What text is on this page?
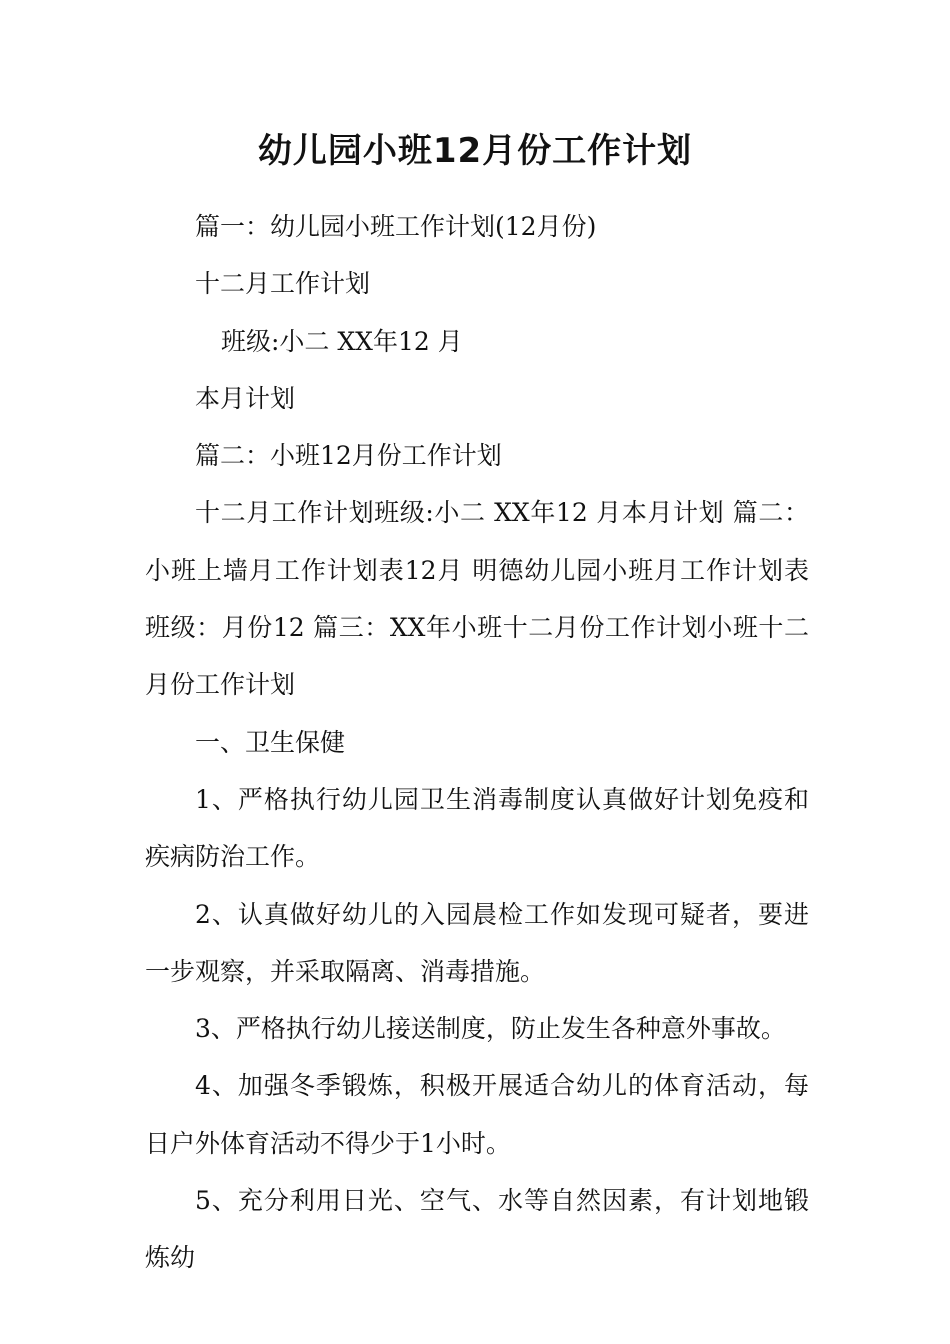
幼儿园小班12月份工作计划

篇一：幼儿园小班工作计划(12月份)

十二月工作计划

班级:小二 XX年12 月

本月计划

篇二：小班12月份工作计划

十二月工作计划班级:小二 XX年12 月本月计划 篇二：小班上墙月工作计划表12月 明德幼儿园小班月工作计划表 班级：月份12 篇三：XX年小班十二月份工作计划小班十二月份工作计划

一、卫生保健

1、严格执行幼儿园卫生消毒制度认真做好计划免疫和疾病防治工作。

2、认真做好幼儿的入园晨检工作如发现可疑者，要进一步观察，并采取隔离、消毒措施。

3、严格执行幼儿接送制度，防止发生各种意外事故。

4、加强冬季锻炼，积极开展适合幼儿的体育活动，每日户外体育活动不得少于1小时。

5、充分利用日光、空气、水等自然因素，有计划地锻炼幼
